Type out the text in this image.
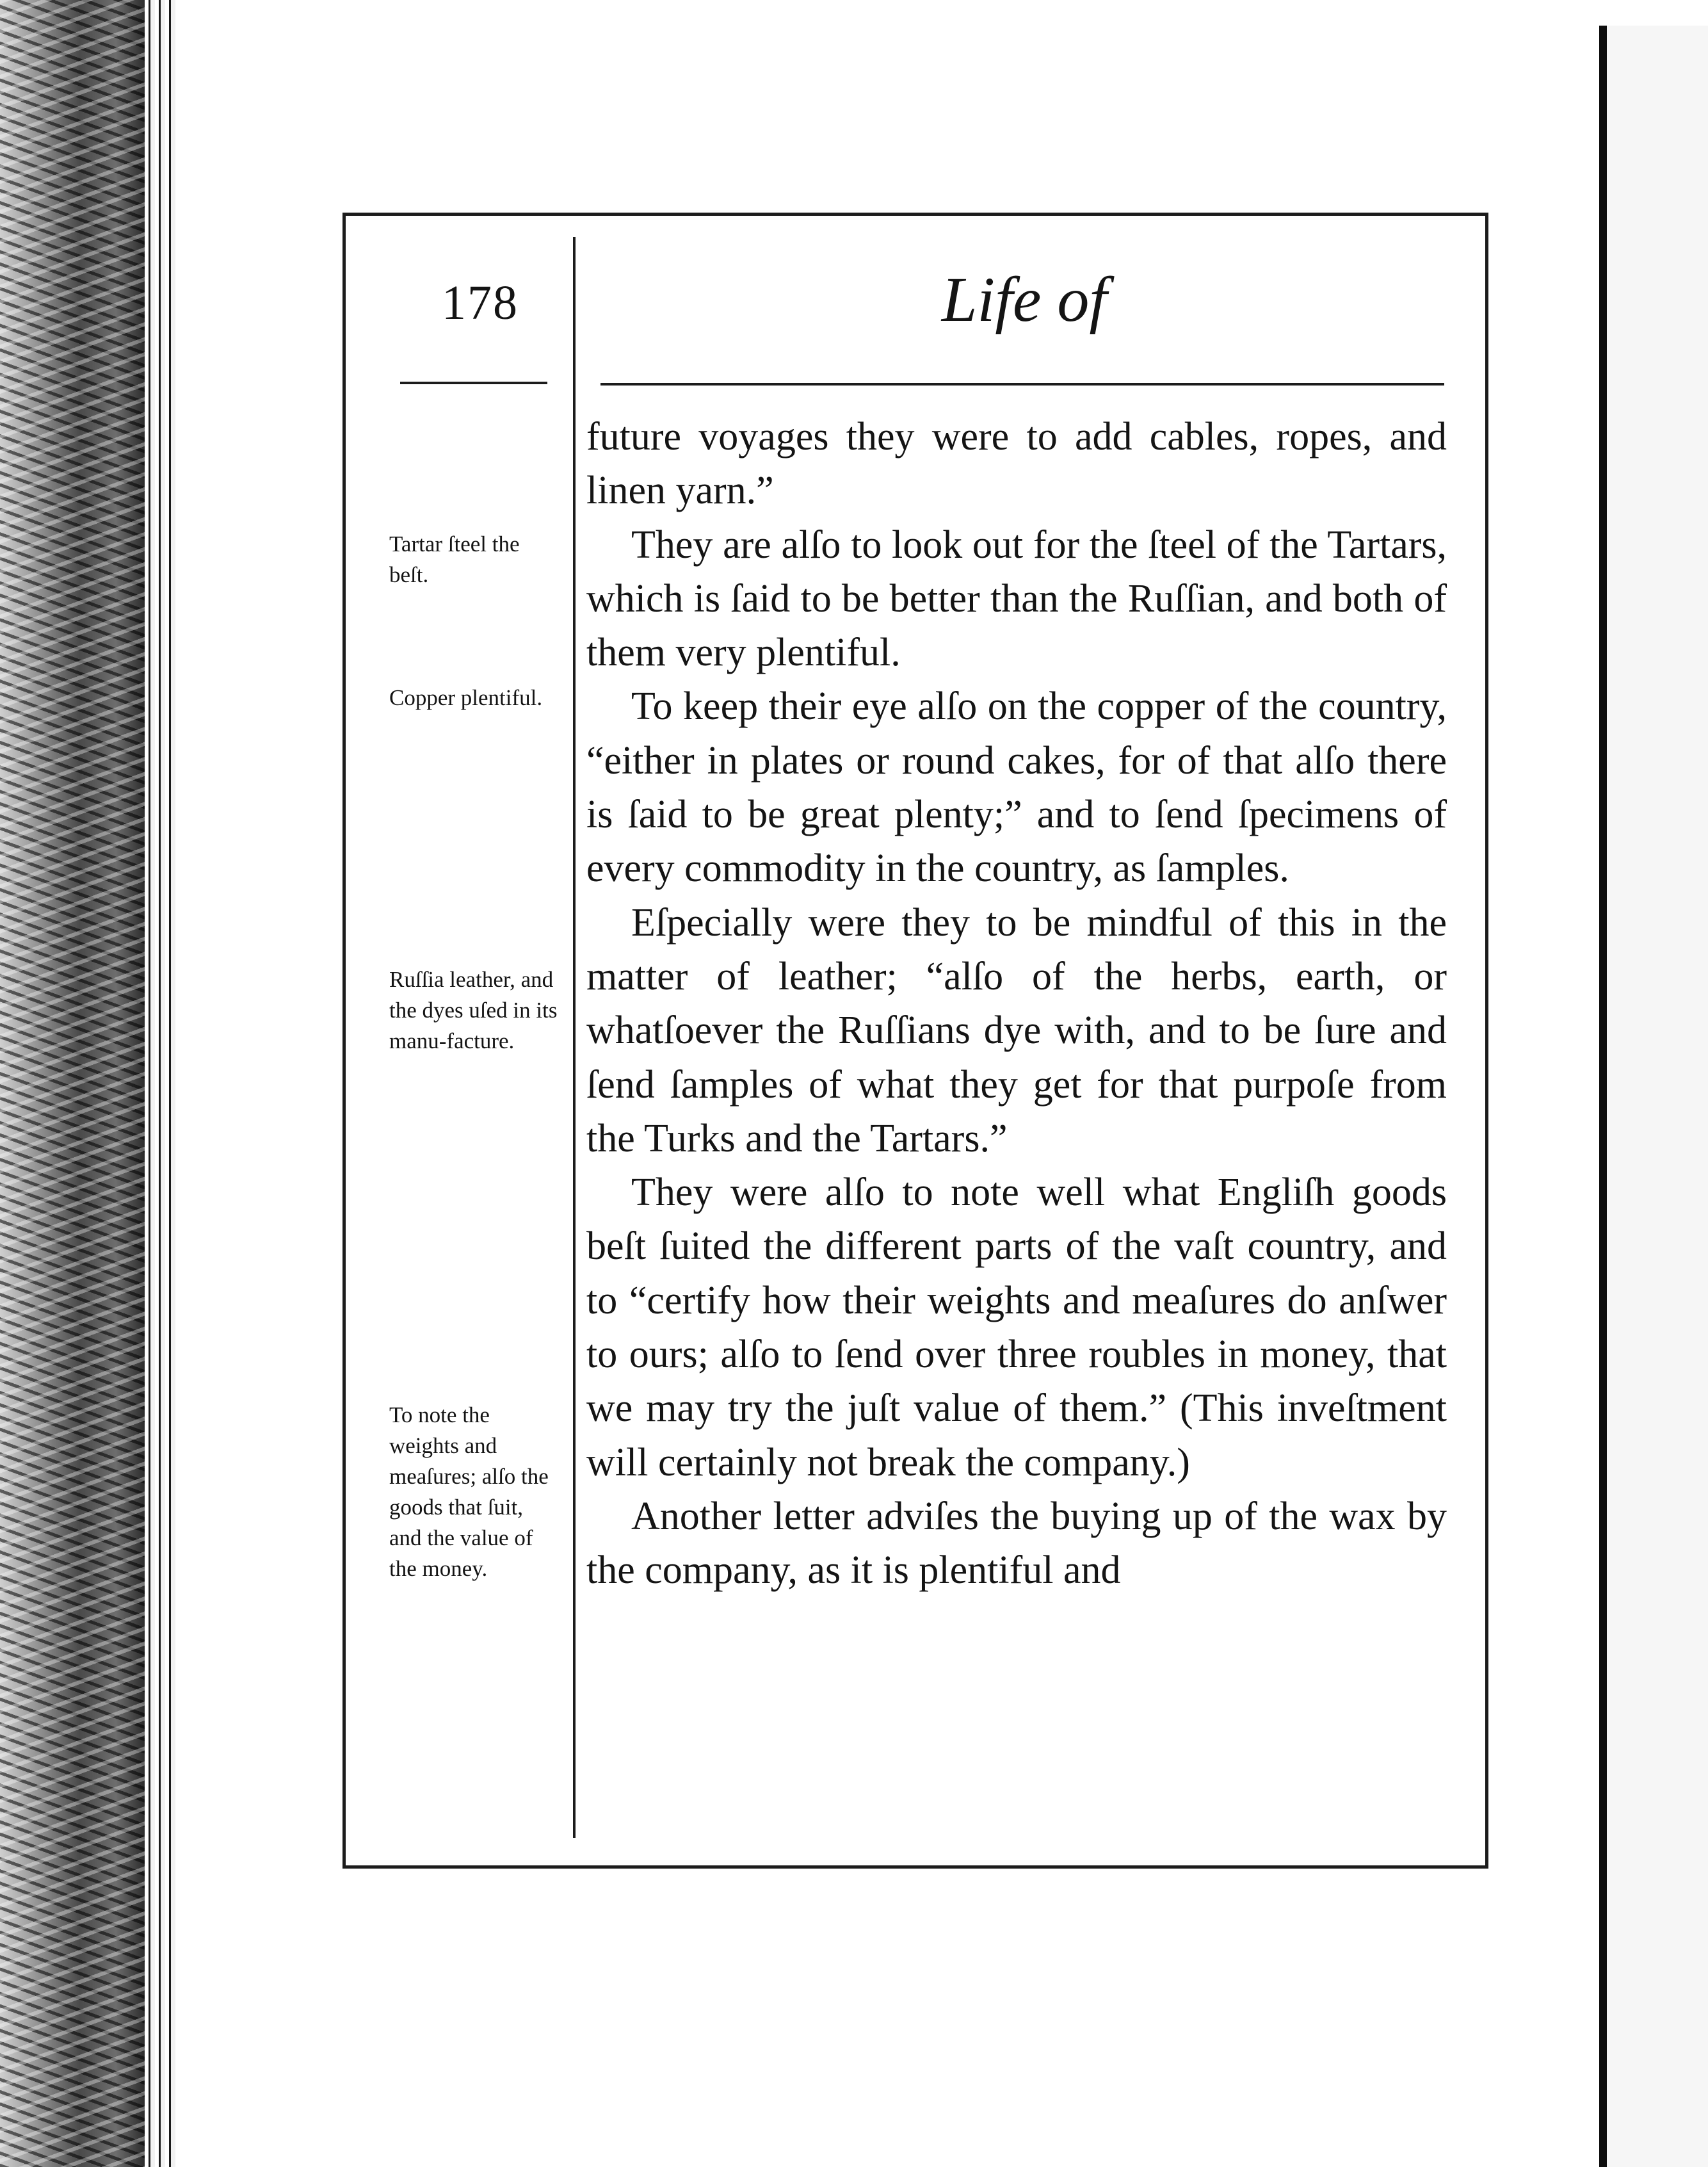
178	Life of
Tartar ſteel the beſt.
Copper plentiful.
Ruſſia leather, and the dyes uſed in its manu-facture.
To note the weights and meaſures; alſo the goods that ſuit, and the value of the money.

future voyages they were to add cables, ropes, and linen yarn.”

They are alſo to look out for the ſteel of the Tartars, which is ſaid to be better than the Ruſſian, and both of them very plentiful.

To keep their eye alſo on the copper of the country, “either in plates or round cakes, for of that alſo there is ſaid to be great plenty;” and to ſend ſpecimens of every commodity in the country, as ſamples.

Eſpecially were they to be mindful of this in the matter of leather; “alſo of the herbs, earth, or whatſoever the Ruſſians dye with, and to be ſure and ſend ſamples of what they get for that purpoſe from the Turks and the Tartars.”

They were alſo to note well what Engliſh goods beſt ſuited the different parts of the vaſt country, and to “certify how their weights and meaſures do anſwer to ours; alſo to ſend over three roubles in money, that we may try the juſt value of them.” (This inveſtment will certainly not break the company.)

Another letter adviſes the buying up of the wax by the company, as it is plentiful and
